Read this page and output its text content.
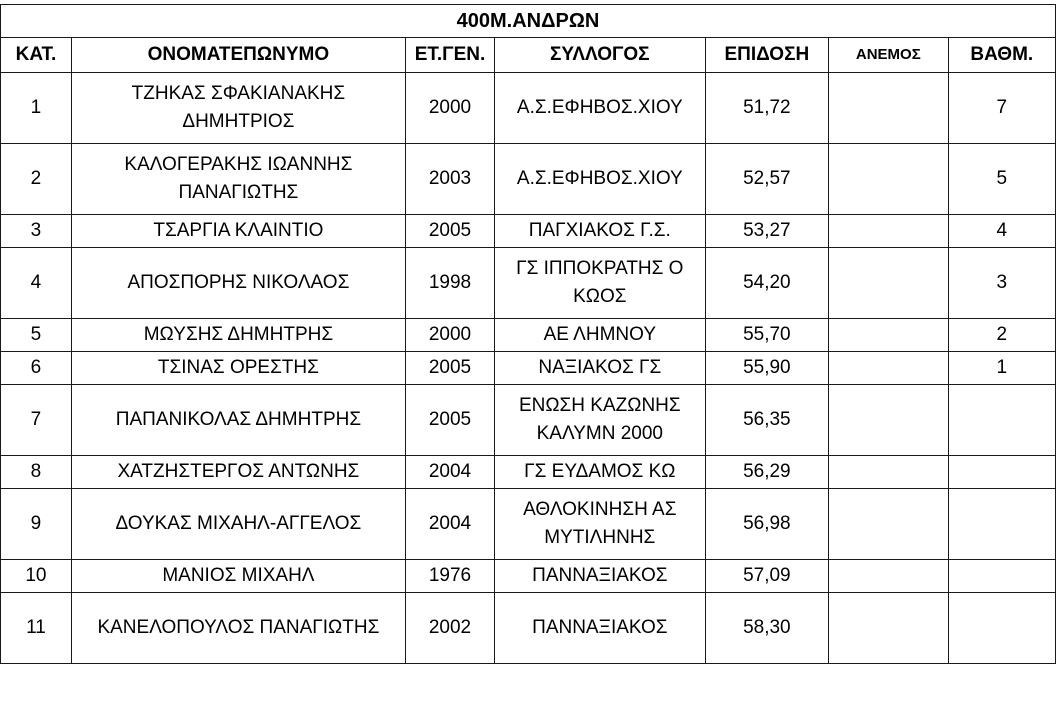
400Μ.ΑΝΔΡΩΝ						
ΚΑΤ.	ΟΝΟΜΑΤΕΠΩΝΥΜΟ	ΕΤ.ΓΕΝ.	ΣΥΛΛΟΓΟΣ	ΕΠΙΔΟΣΗ	ΑΝΕΜΟΣ	ΒΑΘΜ.
1	ΤΖΗΚΑΣ ΣΦΑΚΙΑΝΑΚΗΣ ΔΗΜΗΤΡΙΟΣ	2000	Α.Σ.ΕΦΗΒΟΣ.ΧΙΟΥ	51,72		7
2	ΚΑΛΟΓΕΡΑΚΗΣ ΙΩΑΝΝΗΣ ΠΑΝΑΓΙΩΤΗΣ	2003	Α.Σ.ΕΦΗΒΟΣ.ΧΙΟΥ	52,57		5
3	ΤΣΑΡΓΙΑ ΚΛΑΙΝΤΙΟ	2005	ΠΑΓΧΙΑΚΟΣ Γ.Σ.	53,27		4
4	ΑΠΟΣΠΟΡΗΣ ΝΙΚΟΛΑΟΣ	1998	ΓΣ ΙΠΠΟΚΡΑΤΗΣ Ο ΚΩΟΣ	54,20		3
5	ΜΩΥΣΗΣ ΔΗΜΗΤΡΗΣ	2000	ΑΕ ΛΗΜΝΟΥ	55,70		2
6	ΤΣΙΝΑΣ ΟΡΕΣΤΗΣ	2005	ΝΑΞΙΑΚΟΣ ΓΣ	55,90		1
7	ΠΑΠΑΝΙΚΟΛΑΣ ΔΗΜΗΤΡΗΣ	2005	ΕΝΩΣΗ ΚΑΖΩΝΗΣ ΚΑΛΥΜΝ 2000	56,35		
8	ΧΑΤΖΗΣΤΕΡΓΟΣ ΑΝΤΩΝΗΣ	2004	ΓΣ ΕΥΔΑΜΟΣ ΚΩ	56,29		
9	ΔΟΥΚΑΣ ΜΙΧΑΗΛ-ΑΓΓΕΛΟΣ	2004	ΑΘΛΟΚΙΝΗΣΗ ΑΣ ΜΥΤΙΛΗΝΗΣ	56,98		
10	ΜΑΝΙΟΣ ΜΙΧΑΗΛ	1976	ΠΑΝΝΑΞΙΑΚΟΣ	57,09		
11	ΚΑΝΕΛΟΠΟΥΛΟΣ ΠΑΝΑΓΙΩΤΗΣ	2002	ΠΑΝΝΑΞΙΑΚΟΣ	58,30		
